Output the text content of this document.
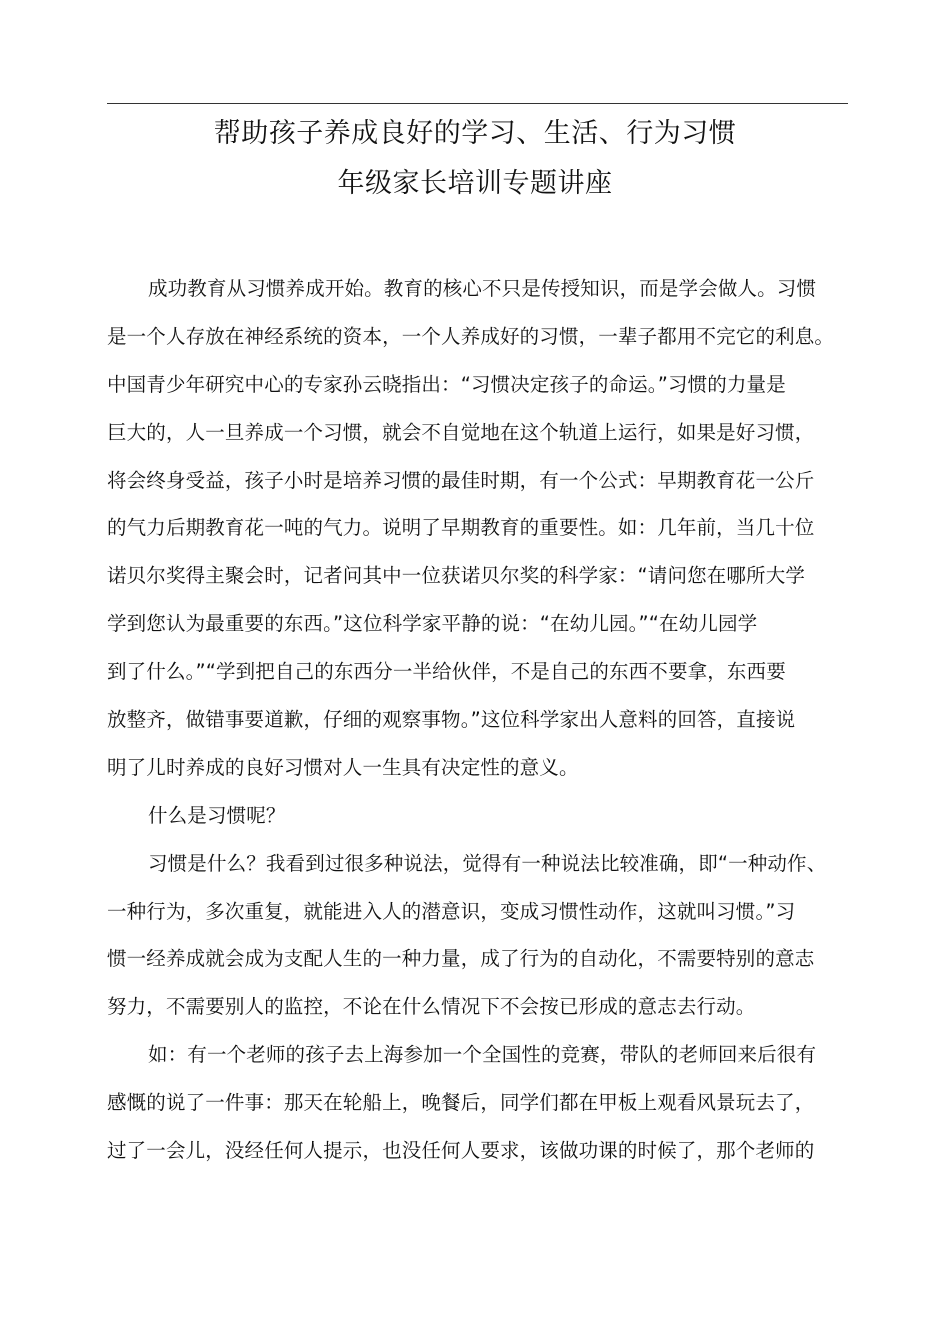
帮助孩子养成良好的学习、生活、行为习惯
年级家长培训专题讲座
成功教育从习惯养成开始。教育的核心不只是传授知识，而是学会做人。习惯
是一个人存放在神经系统的资本，一个人养成好的习惯，一辈子都用不完它的利息。
中国青少年研究中心的专家孙云晓指出：“习惯决定孩子的命运。”习惯的力量是
巨大的，人一旦养成一个习惯，就会不自觉地在这个轨道上运行，如果是好习惯，
将会终身受益，孩子小时是培养习惯的最佳时期，有一个公式：早期教育花一公斤
的气力后期教育花一吨的气力。说明了早期教育的重要性。如：几年前，当几十位
诺贝尔奖得主聚会时，记者问其中一位获诺贝尔奖的科学家：“请问您在哪所大学
学到您认为最重要的东西。”这位科学家平静的说：“在幼儿园。”“在幼儿园学
到了什么。”“学到把自己的东西分一半给伙伴，不是自己的东西不要拿，东西要
放整齐，做错事要道歉，仔细的观察事物。”这位科学家出人意料的回答，直接说
明了儿时养成的良好习惯对人一生具有决定性的意义。
什么是习惯呢？
习惯是什么？我看到过很多种说法，觉得有一种说法比较准确，即“一种动作、
一种行为，多次重复，就能进入人的潜意识，变成习惯性动作，这就叫习惯。”习
惯一经养成就会成为支配人生的一种力量，成了行为的自动化，不需要特别的意志
努力，不需要别人的监控，不论在什么情况下不会按已形成的意志去行动。
如：有一个老师的孩子去上海参加一个全国性的竞赛，带队的老师回来后很有
感慨的说了一件事：那天在轮船上，晚餐后，同学们都在甲板上观看风景玩去了，
过了一会儿，没经任何人提示，也没任何人要求，该做功课的时候了，那个老师的
